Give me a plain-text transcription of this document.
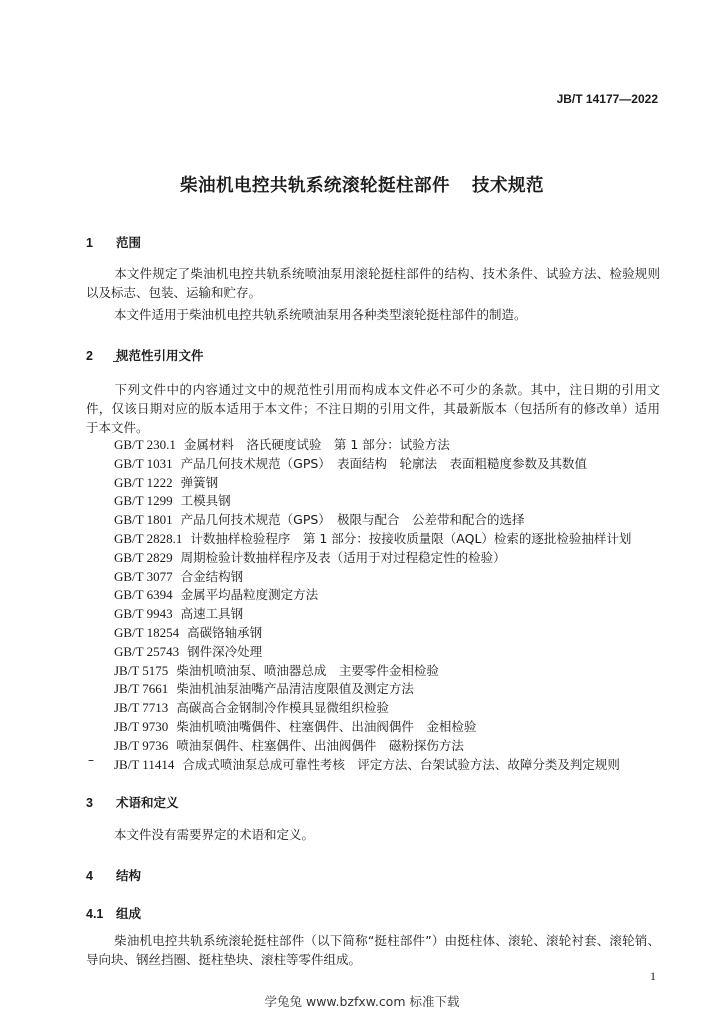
JB/T 14177—2022
柴油机电控共轨系统滚轮挺柱部件 技术规范
1 范围
本文件规定了柴油机电控共轨系统喷油泵用滚轮挺柱部件的结构、技术条件、试验方法、检验规则以及标志、包装、运输和贮存。
本文件适用于柴油机电控共轨系统喷油泵用各种类型滚轮挺柱部件的制造。
2 规范性引用文件
下列文件中的内容通过文中的规范性引用而构成本文件必不可少的条款。其中，注日期的引用文件，仅该日期对应的版本适用于本文件；不注日期的引用文件，其最新版本（包括所有的修改单）适用于本文件。
GB/T 230.1 金属材料　洛氏硬度试验　第 1 部分：试验方法
GB/T 1031 产品几何技术规范（GPS）　表面结构　轮廓法　表面粗糙度参数及其数值
GB/T 1222 弹簧钢
GB/T 1299 工模具钢
GB/T 1801 产品几何技术规范（GPS）　极限与配合　公差带和配合的选择
GB/T 2828.1 计数抽样检验程序　第 1 部分：按接收质量限（AQL）检索的逐批检验抽样计划
GB/T 2829 周期检验计数抽样程序及表（适用于对过程稳定性的检验）
GB/T 3077 合金结构钢
GB/T 6394 金属平均晶粒度测定方法
GB/T 9943 高速工具钢
GB/T 18254 高碳铬轴承钢
GB/T 25743 钢件深冷处理
JB/T 5175 柴油机喷油泵、喷油器总成　主要零件金相检验
JB/T 7661 柴油机油泵油嘴产品清洁度限值及测定方法
JB/T 7713 高碳高合金钢制冷作模具显微组织检验
JB/T 9730 柴油机喷油嘴偶件、柱塞偶件、出油阀偶件　金相检验
JB/T 9736 喷油泵偶件、柱塞偶件、出油阀偶件　磁粉探伤方法
JB/T 11414 合成式喷油泵总成可靠性考核　评定方法、台架试验方法、故障分类及判定规则
–
3 术语和定义
本文件没有需要界定的术语和定义。
4 结构
4.1 组成
柴油机电控共轨系统滚轮挺柱部件（以下简称“挺柱部件”）由挺柱体、滚轮、滚轮衬套、滚轮销、导向块、钢丝挡圈、挺柱垫块、滚柱等零件组成。
1
学兔兔 www.bzfxw.com 标准下载
